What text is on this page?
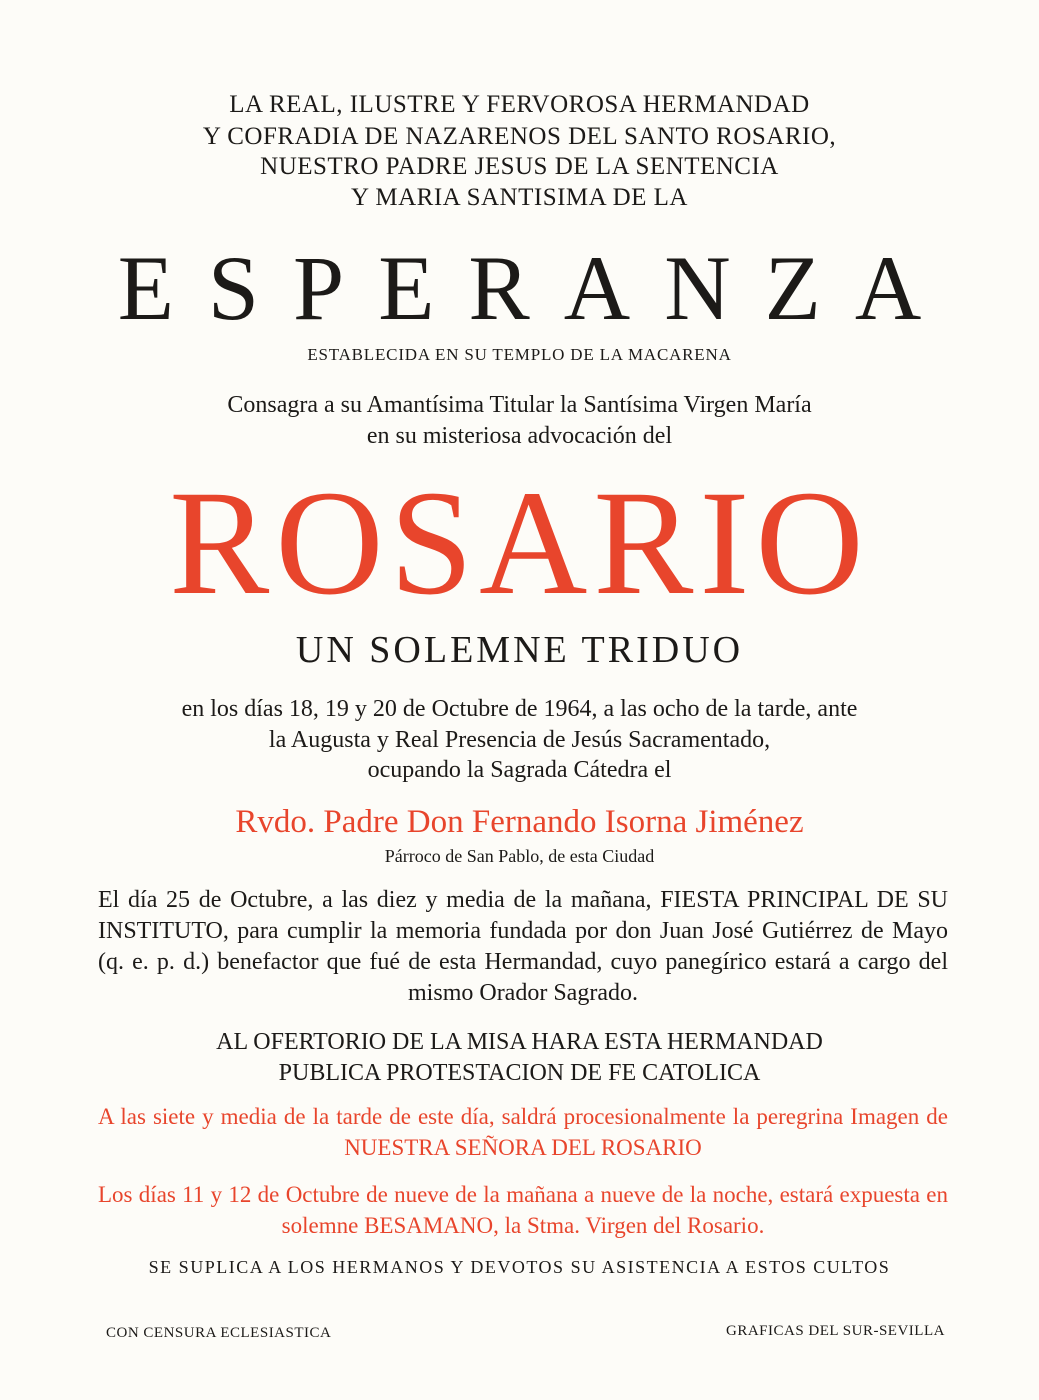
LA REAL, ILUSTRE Y FERVOROSA HERMANDAD
Y COFRADIA DE NAZARENOS DEL SANTO ROSARIO,
NUESTRO PADRE JESUS DE LA SENTENCIA
Y MARIA SANTISIMA DE LA
ESPERANZA
ESTABLECIDA EN SU TEMPLO DE LA MACARENA
Consagra a su Amantísima Titular la Santísima Virgen María
en su misteriosa advocación del
ROSARIO
UN SOLEMNE TRIDUO
en los días 18, 19 y 20 de Octubre de 1964, a las ocho de la tarde, ante
la Augusta y Real Presencia de Jesús Sacramentado,
ocupando la Sagrada Cátedra el
Rvdo. Padre Don Fernando Isorna Jiménez
Párroco de San Pablo, de esta Ciudad
El día 25 de Octubre, a las diez y media de la mañana, FIESTA PRINCIPAL DE SU INSTITUTO, para cumplir la memoria fundada por don Juan José Gutiérrez de Mayo (q. e. p. d.) benefactor que fué de esta Hermandad, cuyo panegírico estará a cargo del mismo Orador Sagrado.
AL OFERTORIO DE LA MISA HARA ESTA HERMANDAD
PUBLICA PROTESTACION DE FE CATOLICA
A las siete y media de la tarde de este día, saldrá procesionalmente la peregrina Imagen de NUESTRA SEÑORA DEL ROSARIO
Los días 11 y 12 de Octubre de nueve de la mañana a nueve de la noche, estará expuesta en solemne BESAMANO, la Stma. Virgen del Rosario.
SE SUPLICA A LOS HERMANOS Y DEVOTOS SU ASISTENCIA A ESTOS CULTOS
CON CENSURA ECLESIASTICA	GRAFICAS DEL SUR-SEVILLA
